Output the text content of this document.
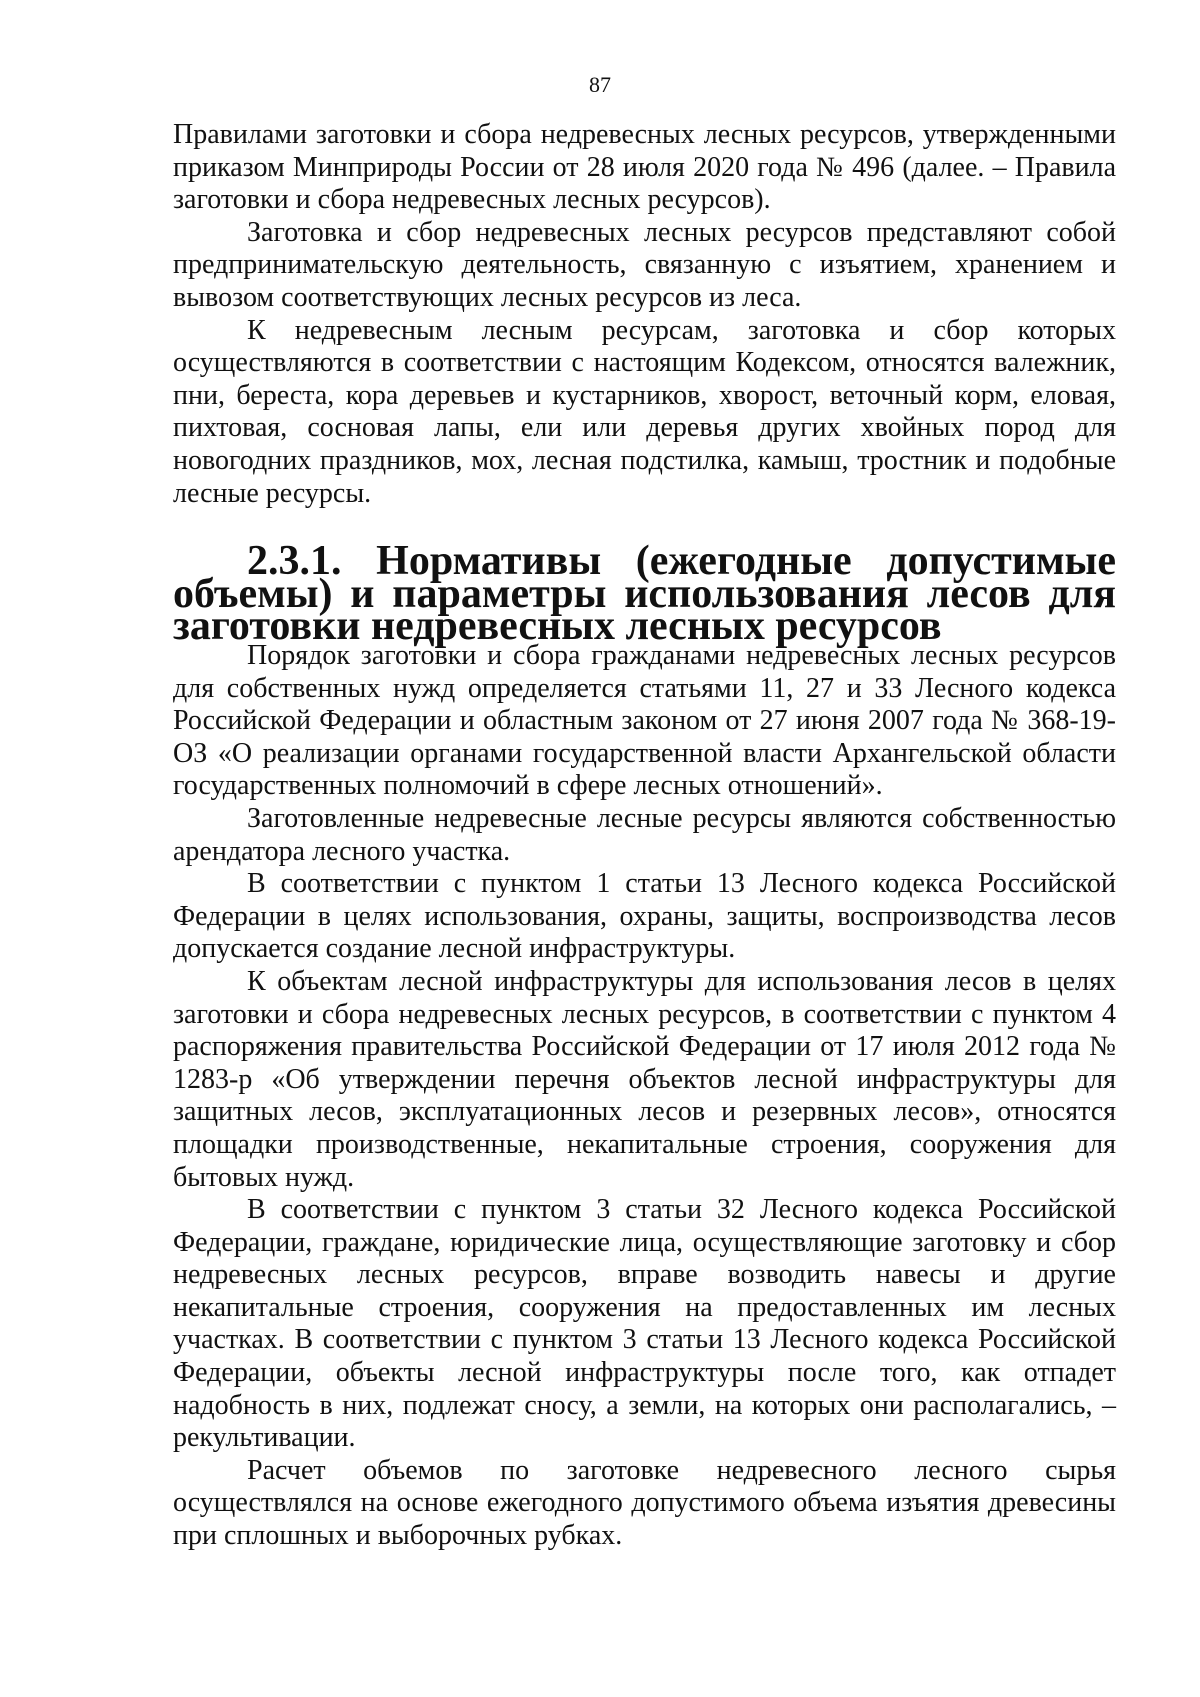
87

Правилами заготовки и сбора недревесных лесных ресурсов, утвержденными приказом Минприроды России от 28 июля 2020 года № 496 (далее. – Правила заготовки и сбора недревесных лесных ресурсов).

Заготовка и сбор недревесных лесных ресурсов представляют собой предпринимательскую деятельность, связанную с изъятием, хранением и вывозом соответствующих лесных ресурсов из леса.

К недревесным лесным ресурсам, заготовка и сбор которых осуществляются в соответствии с настоящим Кодексом, относятся валежник, пни, береста, кора деревьев и кустарников, хворост, веточный корм, еловая, пихтовая, сосновая лапы, ели или деревья других хвойных пород для новогодних праздников, мох, лесная подстилка, камыш, тростник и подобные лесные ресурсы.

2.3.1. Нормативы (ежегодные допустимые объемы) и параметры использования лесов для заготовки недревесных лесных ресурсов

Порядок заготовки и сбора гражданами недревесных лесных ресурсов для собственных нужд определяется статьями 11, 27 и 33 Лесного кодекса Российской Федерации и областным законом от 27 июня 2007 года № 368-19-ОЗ «О реализации органами государственной власти Архангельской области государственных полномочий в сфере лесных отношений».

Заготовленные недревесные лесные ресурсы являются собственностью арендатора лесного участка.

В соответствии с пунктом 1 статьи 13 Лесного кодекса Российской Федерации в целях использования, охраны, защиты, воспроизводства лесов допускается создание лесной инфраструктуры.

К объектам лесной инфраструктуры для использования лесов в целях заготовки и сбора недревесных лесных ресурсов, в соответствии с пунктом 4 распоряжения правительства Российской Федерации от 17 июля 2012 года № 1283-р «Об утверждении перечня объектов лесной инфраструктуры для защитных лесов, эксплуатационных лесов и резервных лесов», относятся площадки производственные, некапитальные строения, сооружения для бытовых нужд.

В соответствии с пунктом 3 статьи 32 Лесного кодекса Российской Федерации, граждане, юридические лица, осуществляющие заготовку и сбор недревесных лесных ресурсов, вправе возводить навесы и другие некапитальные строения, сооружения на предоставленных им лесных участках. В соответствии с пунктом 3 статьи 13 Лесного кодекса Российской Федерации, объекты лесной инфраструктуры после того, как отпадет надобность в них, подлежат сносу, а земли, на которых они располагались, – рекультивации.

Расчет объемов по заготовке недревесного лесного сырья осуществлялся на основе ежегодного допустимого объема изъятия древесины при сплошных и выборочных рубках.
